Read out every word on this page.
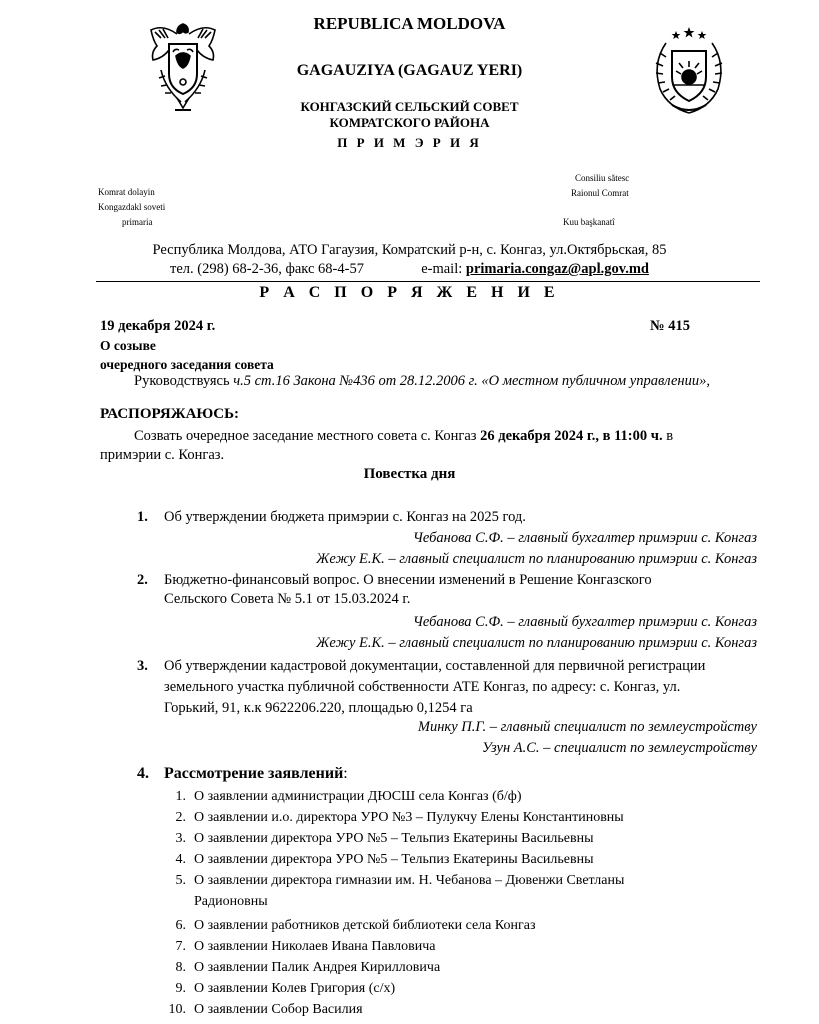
REPUBLICA MOLDOVA
GAGAUZIYA (GAGAUZ YERI)
КОНГАЗСКИЙ СЕЛЬСКИЙ СОВЕТ
КОМРАТСКОГО РАЙОНА
П Р И М Э Р И Я
Komrat dolayin
Kongazdakl soveti
primaria
Consiliu sătesc
Raionul Comrat
Kuu başkanatî
Республика Молдова, АТО Гагаузия, Комратский р-н, с. Конгаз, ул.Октябрьская, 85
тел. (298) 68-2-36, факс 68-4-57	e-mail: primaria.congaz@apl.gov.md
Р А С П О Р Я Ж Е Н И Е
19 декабря 2024 г.	№ 415
О созыве
очередного заседания совета
Руководствуясь ч.5 ст.16 Закона №436 от 28.12.2006 г. «О местном публичном управлении»,
РАСПОРЯЖАЮСЬ:
Созвать очередное заседание местного совета с. Конгаз 26 декабря 2024 г., в 11:00 ч. в
примэрии с. Конгаз.
Повестка дня
1. Об утверждении бюджета примэрии с. Конгаз на 2025 год.
Чебанова С.Ф. – главный бухгалтер примэрии с. Конгаз
Жежу Е.К. – главный специалист по планированию примэрии с. Конгаз
2. Бюджетно-финансовый вопрос. О внесении изменений в Решение Конгазского
Сельского Совета № 5.1 от 15.03.2024 г.
Чебанова С.Ф. – главный бухгалтер примэрии с. Конгаз
Жежу Е.К. – главный специалист по планированию примэрии с. Конгаз
3. Об утверждении кадастровой документации, составленной для первичной регистрации
земельного участка публичной собственности АТЕ Конгаз, по адресу: с. Конгаз, ул.
Горький, 91, к.к 9622206.220, площадью 0,1254 га
Минку П.Г. – главный специалист по землеустройству
Узун А.С. – специалист по землеустройству
4. Рассмотрение заявлений:
1. О заявлении администрации ДЮСШ села Конгаз (б/ф)
2. О заявлении и.о. директора УРО №3 – Пулукчу Елены Константиновны
3. О заявлении директора УРО №5 – Тельпиз Екатерины Васильевны
4. О заявлении директора УРО №5 – Тельпиз Екатерины Васильевны
5. О заявлении директора гимназии им. Н. Чебанова – Дювенжи Светланы
Радионовны
6. О заявлении работников детской библиотеки села Конгаз
7. О заявлении Николаев Ивана Павловича
8. О заявлении Палик Андрея Кирилловича
9. О заявлении Колев Григория (с/х)
10. О заявлении Собор Василия
